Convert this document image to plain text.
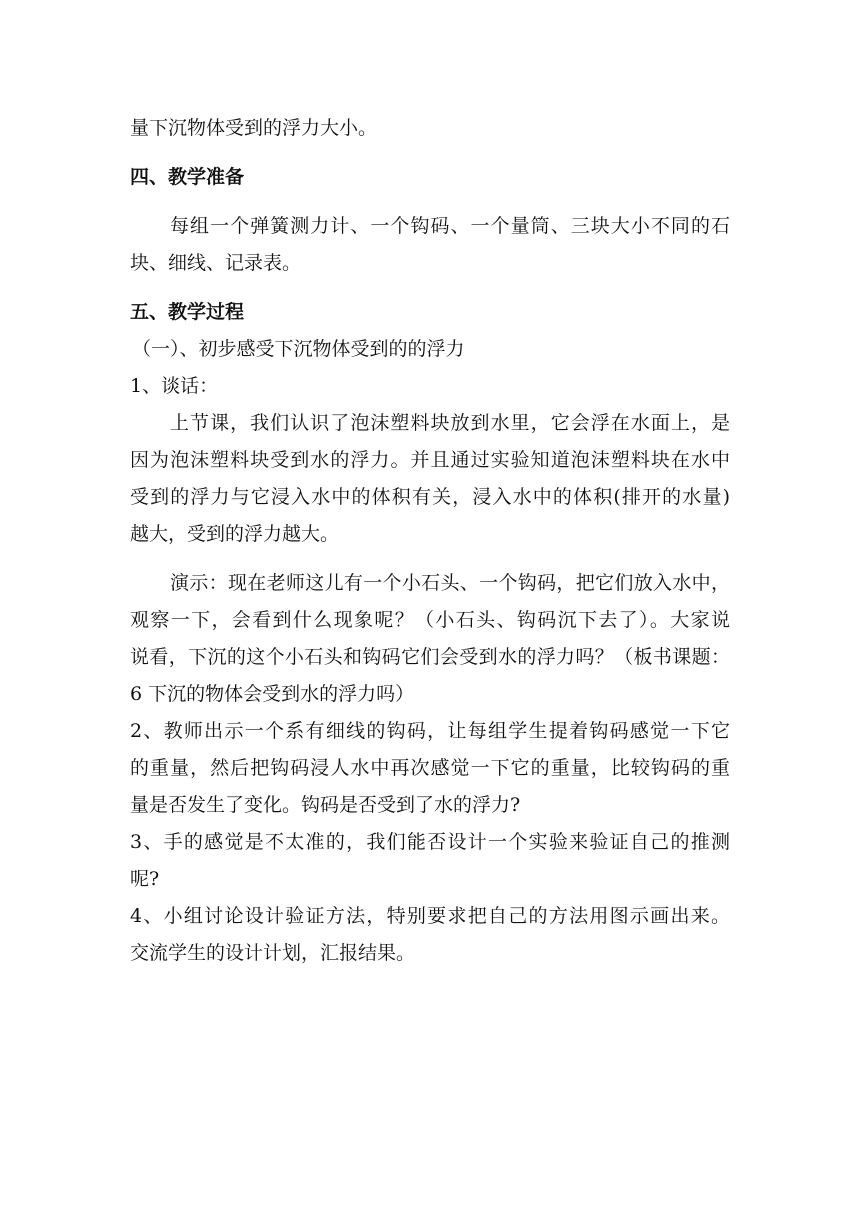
量下沉物体受到的浮力大小。
四、教学准备
每组一个弹簧测力计、一个钩码、一个量筒、三块大小不同的石
块、细线、记录表。
五、教学过程
（一）、初步感受下沉物体受到的的浮力
1、谈话：
上节课，我们认识了泡沫塑料块放到水里，它会浮在水面上，是
因为泡沫塑料块受到水的浮力。并且通过实验知道泡沫塑料块在水中
受到的浮力与它浸入水中的体积有关，浸入水中的体积(排开的水量)
越大，受到的浮力越大。
演示：现在老师这儿有一个小石头、一个钩码，把它们放入水中，
观察一下，会看到什么现象呢？（小石头、钩码沉下去了）。大家说
说看，下沉的这个小石头和钩码它们会受到水的浮力吗？（板书课题：
6 下沉的物体会受到水的浮力吗）
2、教师出示一个系有细线的钩码，让每组学生提着钩码感觉一下它
的重量，然后把钩码浸人水中再次感觉一下它的重量，比较钩码的重
量是否发生了变化。钩码是否受到了水的浮力?
3、手的感觉是不太准的，我们能否设计一个实验来验证自己的推测
呢?
4、小组讨论设计验证方法，特别要求把自己的方法用图示画出来。
交流学生的设计计划，汇报结果。
